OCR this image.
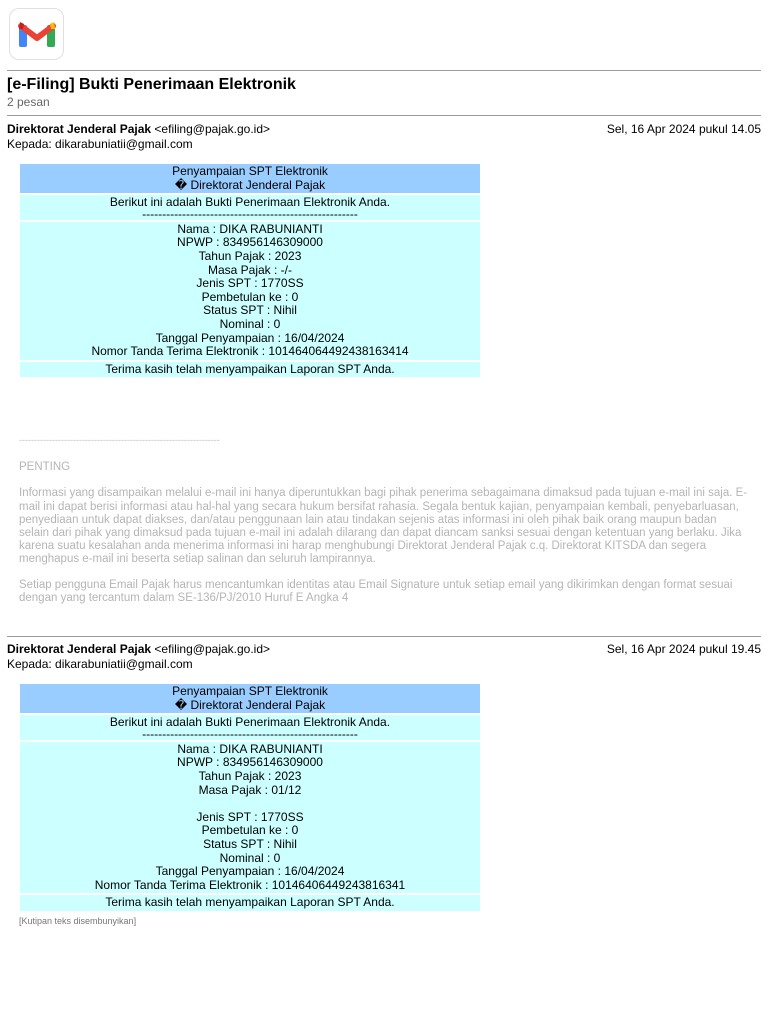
[e-Filing] Bukti Penerimaan Elektronik
2 pesan
Direktorat Jenderal Pajak <efiling@pajak.go.id>	Sel, 16 Apr 2024 pukul 14.05
Kepada: dikarabuniatii@gmail.com
Penyampaian SPT Elektronik
� Direktorat Jenderal Pajak
Berikut ini adalah Bukti Penerimaan Elektronik Anda.
------------------------------------------------------
Nama : DIKA RABUNIANTI
NPWP : 834956146309000
Tahun Pajak : 2023
Masa Pajak : -/-
Jenis SPT : 1770SS
Pembetulan ke : 0
Status SPT : Nihil
Nominal : 0
Tanggal Penyampaian : 16/04/2024
Nomor Tanda Terima Elektronik : 10146406449243816341​4
Terima kasih telah menyampaikan Laporan SPT Anda.
-------------------------------------------------------------------
PENTING
Informasi yang disampaikan melalui e-mail ini hanya diperuntukkan bagi pihak penerima sebagaimana dimaksud pada tujuan e-mail ini saja. E-mail ini dapat berisi informasi atau hal-hal yang secara hukum bersifat rahasia. Segala bentuk kajian, penyampaian kembali, penyebarluasan, penyediaan untuk dapat diakses, dan/atau penggunaan lain atau tindakan sejenis atas informasi ini oleh pihak baik orang maupun badan selain dari pihak yang dimaksud pada tujuan e-mail ini adalah dilarang dan dapat diancam sanksi sesuai dengan ketentuan yang berlaku. Jika karena suatu kesalahan anda menerima informasi ini harap menghubungi Direktorat Jenderal Pajak c.q. Direktorat KITSDA dan segera menghapus e-mail ini beserta setiap salinan dan seluruh lampirannya.
Setiap pengguna Email Pajak harus mencantumkan identitas atau Email Signature untuk setiap email yang dikirimkan dengan format sesuai dengan yang tercantum dalam SE-136/PJ/2010 Huruf E Angka 4
Direktorat Jenderal Pajak <efiling@pajak.go.id>	Sel, 16 Apr 2024 pukul 19.45
Kepada: dikarabuniatii@gmail.com
Penyampaian SPT Elektronik
� Direktorat Jenderal Pajak
Berikut ini adalah Bukti Penerimaan Elektronik Anda.
------------------------------------------------------
Nama : DIKA RABUNIANTI
NPWP : 834956146309000
Tahun Pajak : 2023
Masa Pajak : 01/12
Jenis SPT : 1770SS
Pembetulan ke : 0
Status SPT : Nihil
Nominal : 0
Tanggal Penyampaian : 16/04/2024
Nomor Tanda Terima Elektronik : 10146406449243816341
Terima kasih telah menyampaikan Laporan SPT Anda.
[Kutipan teks disembunyikan]
